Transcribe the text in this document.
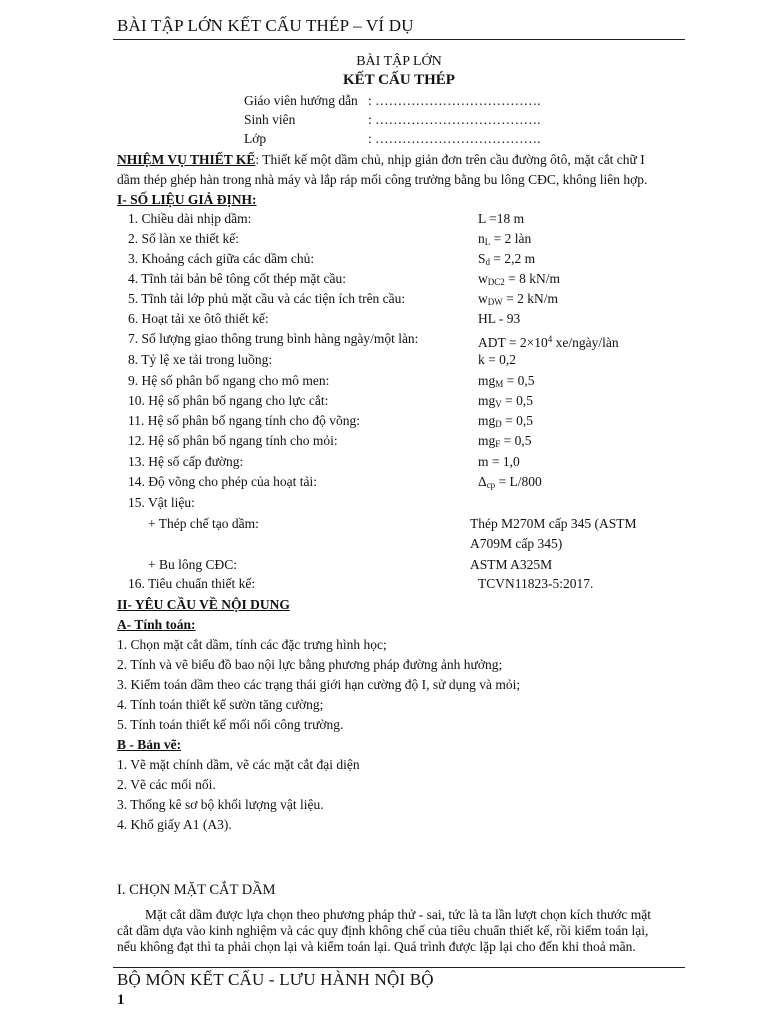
BÀI TẬP LỚN KẾT CẤU THÉP – VÍ DỤ
BÀI TẬP LỚN
KẾT CẤU THÉP
Giáo viên hướng dẫn : ……………………………….
Sinh viên	: ……………………………….
Lớp	: ……………………………….
NHIỆM VỤ THIẾT KẾ: Thiết kế một dầm chủ, nhịp giản đơn trên cầu đường ôtô, mặt cắt chữ I
dầm thép ghép hàn trong nhà máy và lắp ráp mối công trường bằng bu lông CĐC, không liên hợp.
I- SỐ LIỆU GIẢ ĐỊNH:
1. Chiều dài nhịp dầm:	L =18 m
2. Số làn xe thiết kế:	$n_L = 2$ làn
3. Khoảng cách giữa các dầm chủ:	$S_d = 2,2$ m
4. Tĩnh tải bản bê tông cốt thép mặt cầu:	$w_{DC2} = 8$ kN/m
5. Tĩnh tải lớp phủ mặt cầu và các tiện ích trên cầu:	$w_{DW} = 2$ kN/m
6. Hoạt tải xe ôtô thiết kế:	HL - 93
7. Số lượng giao thông trung bình hàng ngày/một làn:	ADT = $2\times 10^4$ xe/ngày/làn
8. Tỷ lệ xe tải trong luồng:	k = 0,2
9. Hệ số phân bố ngang cho mô men:	$mg_M = 0,5$
10. Hệ số phân bố ngang cho lực cắt:	$mg_V = 0,5$
11. Hệ số phân bố ngang tính cho độ võng:	$mg_D = 0,5$
12. Hệ số phân bố ngang tính cho mỏi:	$mg_F = 0,5$
13. Hệ số cấp đường:	m = 1,0
14. Độ võng cho phép của hoạt tải:	$\Delta_{cp} = L/800$
15. Vật liệu:
+ Thép chế tạo dầm:	Thép M270M cấp 345 (ASTM
A709M cấp 345)
+ Bu lông CĐC:	ASTM A325M
16. Tiêu chuẩn thiết kế:	TCVN11823-5:2017.
II- YÊU CẦU VỀ NỘI DUNG
A- Tính toán:
1. Chọn mặt cắt dầm, tính các đặc trưng hình học;
2. Tính và vẽ biểu đồ bao nội lực bằng phương pháp đường ảnh hưởng;
3. Kiểm toán dầm theo các trạng thái giới hạn cường độ I, sử dụng và mỏi;
4. Tính toán thiết kế sườn tăng cường;
5. Tính toán thiết kế mối nối công trường.
B - Bản vẽ:
1. Vẽ mặt chính dầm, vẽ các mặt cắt đại diện
2. Vẽ các mối nối.
3. Thống kê sơ bộ khối lượng vật liệu.
4. Khổ giấy A1 (A3).
I. CHỌN MẶT CẮT DẦM
Mặt cắt dầm được lựa chọn theo phương pháp thử - sai, tức là ta lần lượt chọn kích thước mặt
cắt dầm dựa vào kinh nghiệm và các quy định không chế của tiêu chuẩn thiết kế, rồi kiểm toán lại,
nếu không đạt thì ta phải chọn lại và kiểm toán lại. Quá trình được lặp lại cho đến khi thoả mãn.
BỘ MÔN KẾT CẤU - LƯU HÀNH NỘI BỘ
1
